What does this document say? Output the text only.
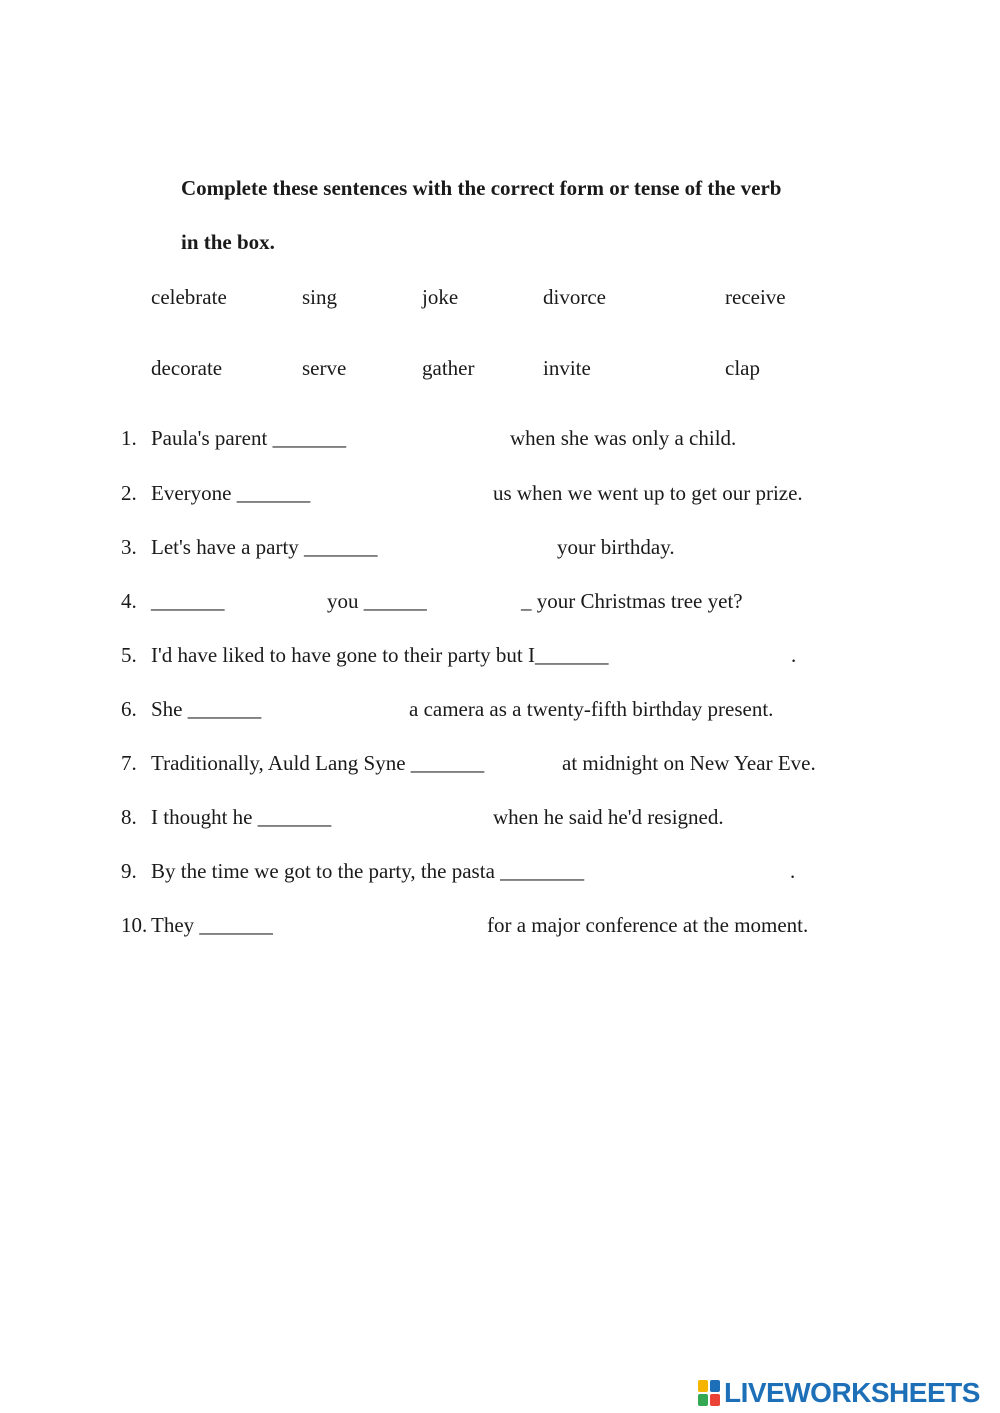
Complete these sentences with the correct form or tense of the verb
in the box.
celebrate	sing	joke	divorce	receive
decorate	serve	gather	invite	clap
1. Paula's parent _______	when she was only a child.
2. Everyone _______	us when we went up to get our prize.
3. Let's have a party _______	your birthday.
4. _______	you ______	_ your Christmas tree yet?
5. I'd have liked to have gone to their party but I_______	.
6. She _______	a camera as a twenty-fifth birthday present.
7. Traditionally, Auld Lang Syne _______	at midnight on New Year Eve.
8. I thought he _______	when he said he'd resigned.
9. By the time we got to the party, the pasta ________	.
10. They _______	for a major conference at the moment.
LIVEWORKSHEETS
